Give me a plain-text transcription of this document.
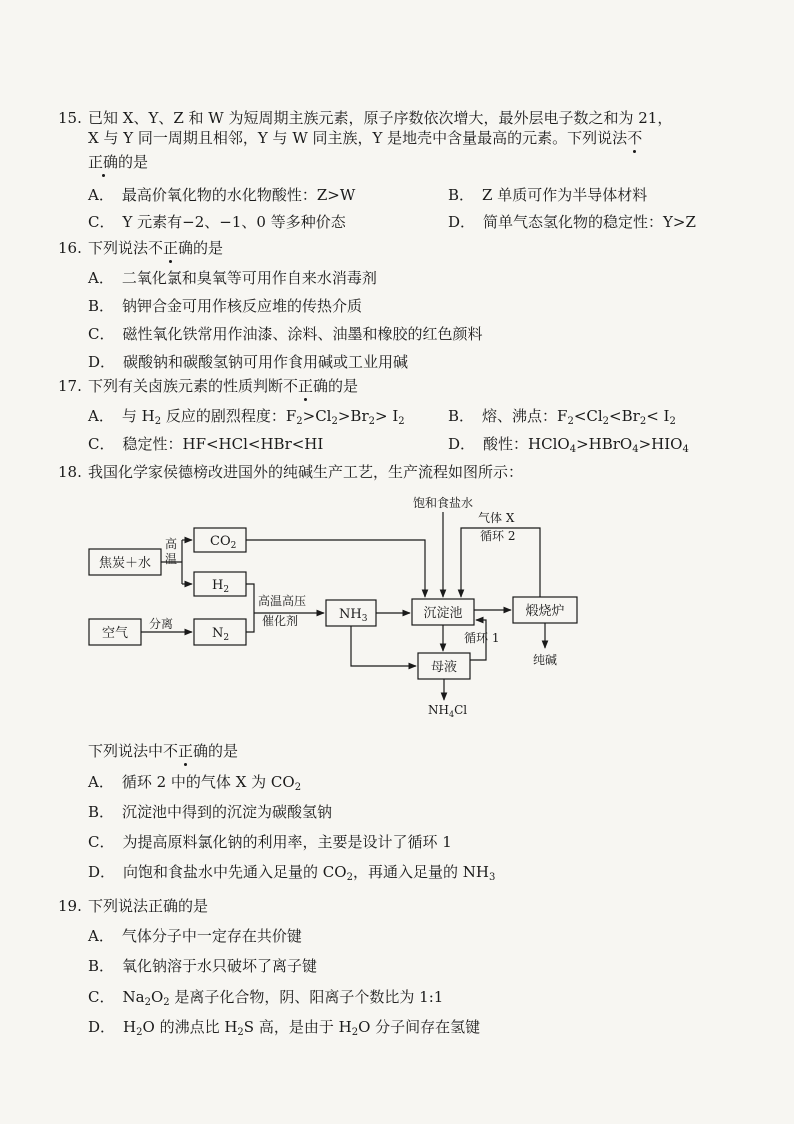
15. 已知 X、Y、Z 和 W 为短周期主族元素，原子序数依次增大，最外层电子数之和为 21，
X 与 Y 同一周期且相邻，Y 与 W 同主族，Y 是地壳中含量最高的元素。下列说法不
正确的是
A． 最高价氧化物的水化物酸性：Z>W	B． Z 单质可作为半导体材料
C． Y 元素有−2、−1、0 等多种价态	D． 简单气态氢化物的稳定性：Y>Z
16. 下列说法不正确的是
A． 二氧化氯和臭氧等可用作自来水消毒剂
B． 钠钾合金可用作核反应堆的传热介质
C． 磁性氧化铁常用作油漆、涂料、油墨和橡胶的红色颜料
D． 碳酸钠和碳酸氢钠可用作食用碱或工业用碱
17. 下列有关卤族元素的性质判断不正确的是
A． 与 $H_2$ 反应的剧烈程度：$F_2>Cl_2>Br_2> I_2$	B． 熔、沸点：$F_2<Cl_2<Br_2< I_2$
C． 稳定性：HF<HCl<HBr<HI	D． 酸性：$HClO_4>HBrO_4>HIO_4$
18. 我国化学家侯德榜改进国外的纯碱生产工艺，生产流程如图所示：
焦炭＋水
高
温
$CO_2$
$H_2$
空气
分离
$N_2$
高温高压
催化剂	$NH_3$
饱和食盐水
气体 X
循环 2
沉淀池	煅烧炉
循环 1
母液	纯碱
$NH_4Cl$
下列说法中不正确的是
A． 循环 2 中的气体 X 为 $CO_2$
B． 沉淀池中得到的沉淀为碳酸氢钠
C． 为提高原料氯化钠的利用率，主要是设计了循环 1
D． 向饱和食盐水中先通入足量的 $CO_2$，再通入足量的 $NH_3$
19. 下列说法正确的是
A． 气体分子中一定存在共价键
B． 氧化钠溶于水只破坏了离子键
C． $Na_2O_2$ 是离子化合物，阴、阳离子个数比为 1:1
D． $H_2O$ 的沸点比 $H_2S$ 高，是由于 $H_2O$ 分子间存在氢键
